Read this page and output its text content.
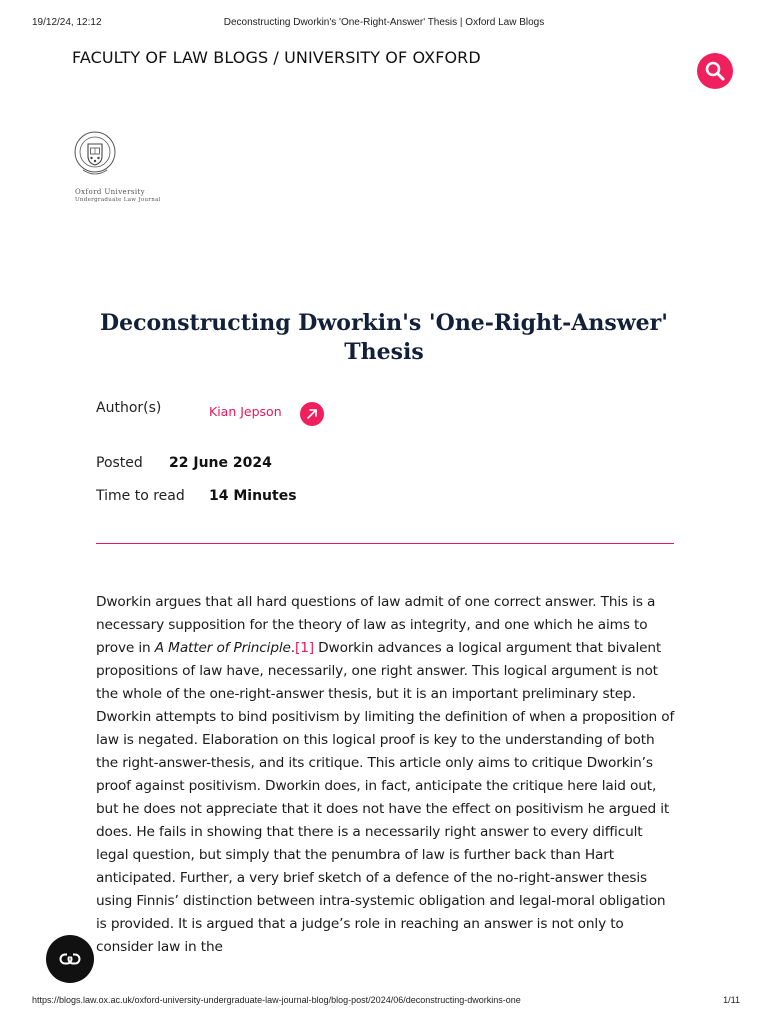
19/12/24, 12:12	Deconstructing Dworkin's 'One-Right-Answer' Thesis | Oxford Law Blogs
FACULTY OF LAW BLOGS / UNIVERSITY OF OXFORD
Oxford University
Undergraduate Law Journal
Deconstructing Dworkin's 'One-Right-Answer' Thesis
Author(s)	Kian Jepson
Posted 22 June 2024
Time to read 14 Minutes

Dworkin argues that all hard questions of law admit of one correct answer. This is a necessary supposition for the theory of law as integrity, and one which he aims to prove in A Matter of Principle.[1] Dworkin advances a logical argument that bivalent propositions of law have, necessarily, one right answer. This logical argument is not the whole of the one-right-answer thesis, but it is an important preliminary step. Dworkin attempts to bind positivism by limiting the definition of when a proposition of law is negated. Elaboration on this logical proof is key to the understanding of both the right-answer-thesis, and its critique. This article only aims to critique Dworkin’s proof against positivism. Dworkin does, in fact, anticipate the critique here laid out, but he does not appreciate that it does not have the effect on positivism he argued it does. He fails in showing that there is a necessarily right answer to every difficult legal question, but simply that the penumbra of law is further back than Hart anticipated. Further, a very brief sketch of a defence of the no-right-answer thesis using Finnis’ distinction between intra-systemic obligation and legal-moral obligation is provided. It is argued that a judge’s role in reaching an answer is not only to consider law in the

https://blogs.law.ox.ac.uk/oxford-university-undergraduate-law-journal-blog/blog-post/2024/06/deconstructing-dworkins-one	1/11
